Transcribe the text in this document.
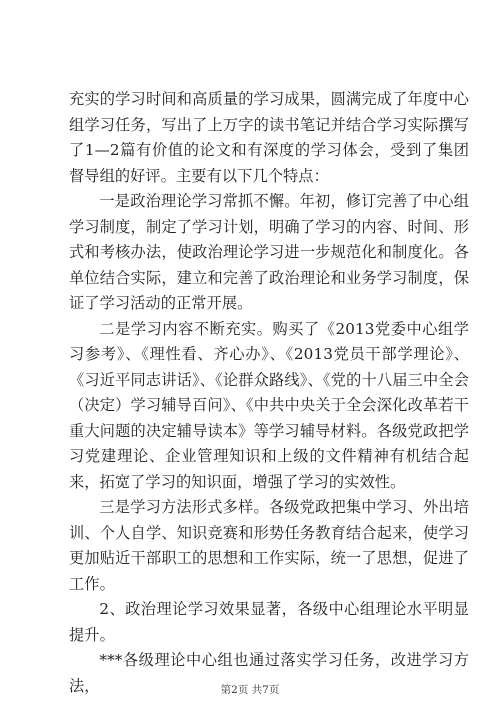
充实的学习时间和高质量的学习成果，圆满完成了年度中心组学习任务，写出了上万字的读书笔记并结合学习实际撰写了1—2篇有价值的论文和有深度的学习体会，受到了集团督导组的好评。主要有以下几个特点：

一是政治理论学习常抓不懈。年初，修订完善了中心组学习制度，制定了学习计划，明确了学习的内容、时间、形式和考核办法，使政治理论学习进一步规范化和制度化。各单位结合实际，建立和完善了政治理论和业务学习制度，保证了学习活动的正常开展。

二是学习内容不断充实。购买了《2013党委中心组学习参考》、《理性看、齐心办》、《2013党员干部学理论》、《习近平同志讲话》、《论群众路线》、《党的十八届三中全会（决定）学习辅导百问》、《中共中央关于全会深化改革若干重大问题的决定辅导读本》等学习辅导材料。各级党政把学习党建理论、企业管理知识和上级的文件精神有机结合起来，拓宽了学习的知识面，增强了学习的实效性。

三是学习方法形式多样。各级党政把集中学习、外出培训、个人自学、知识竞赛和形势任务教育结合起来，使学习更加贴近干部职工的思想和工作实际，统一了思想，促进了工作。

2、政治理论学习效果显著，各级中心组理论水平明显提升。

***各级理论中心组也通过落实学习任务，改进学习方法，	第2页 共7页
